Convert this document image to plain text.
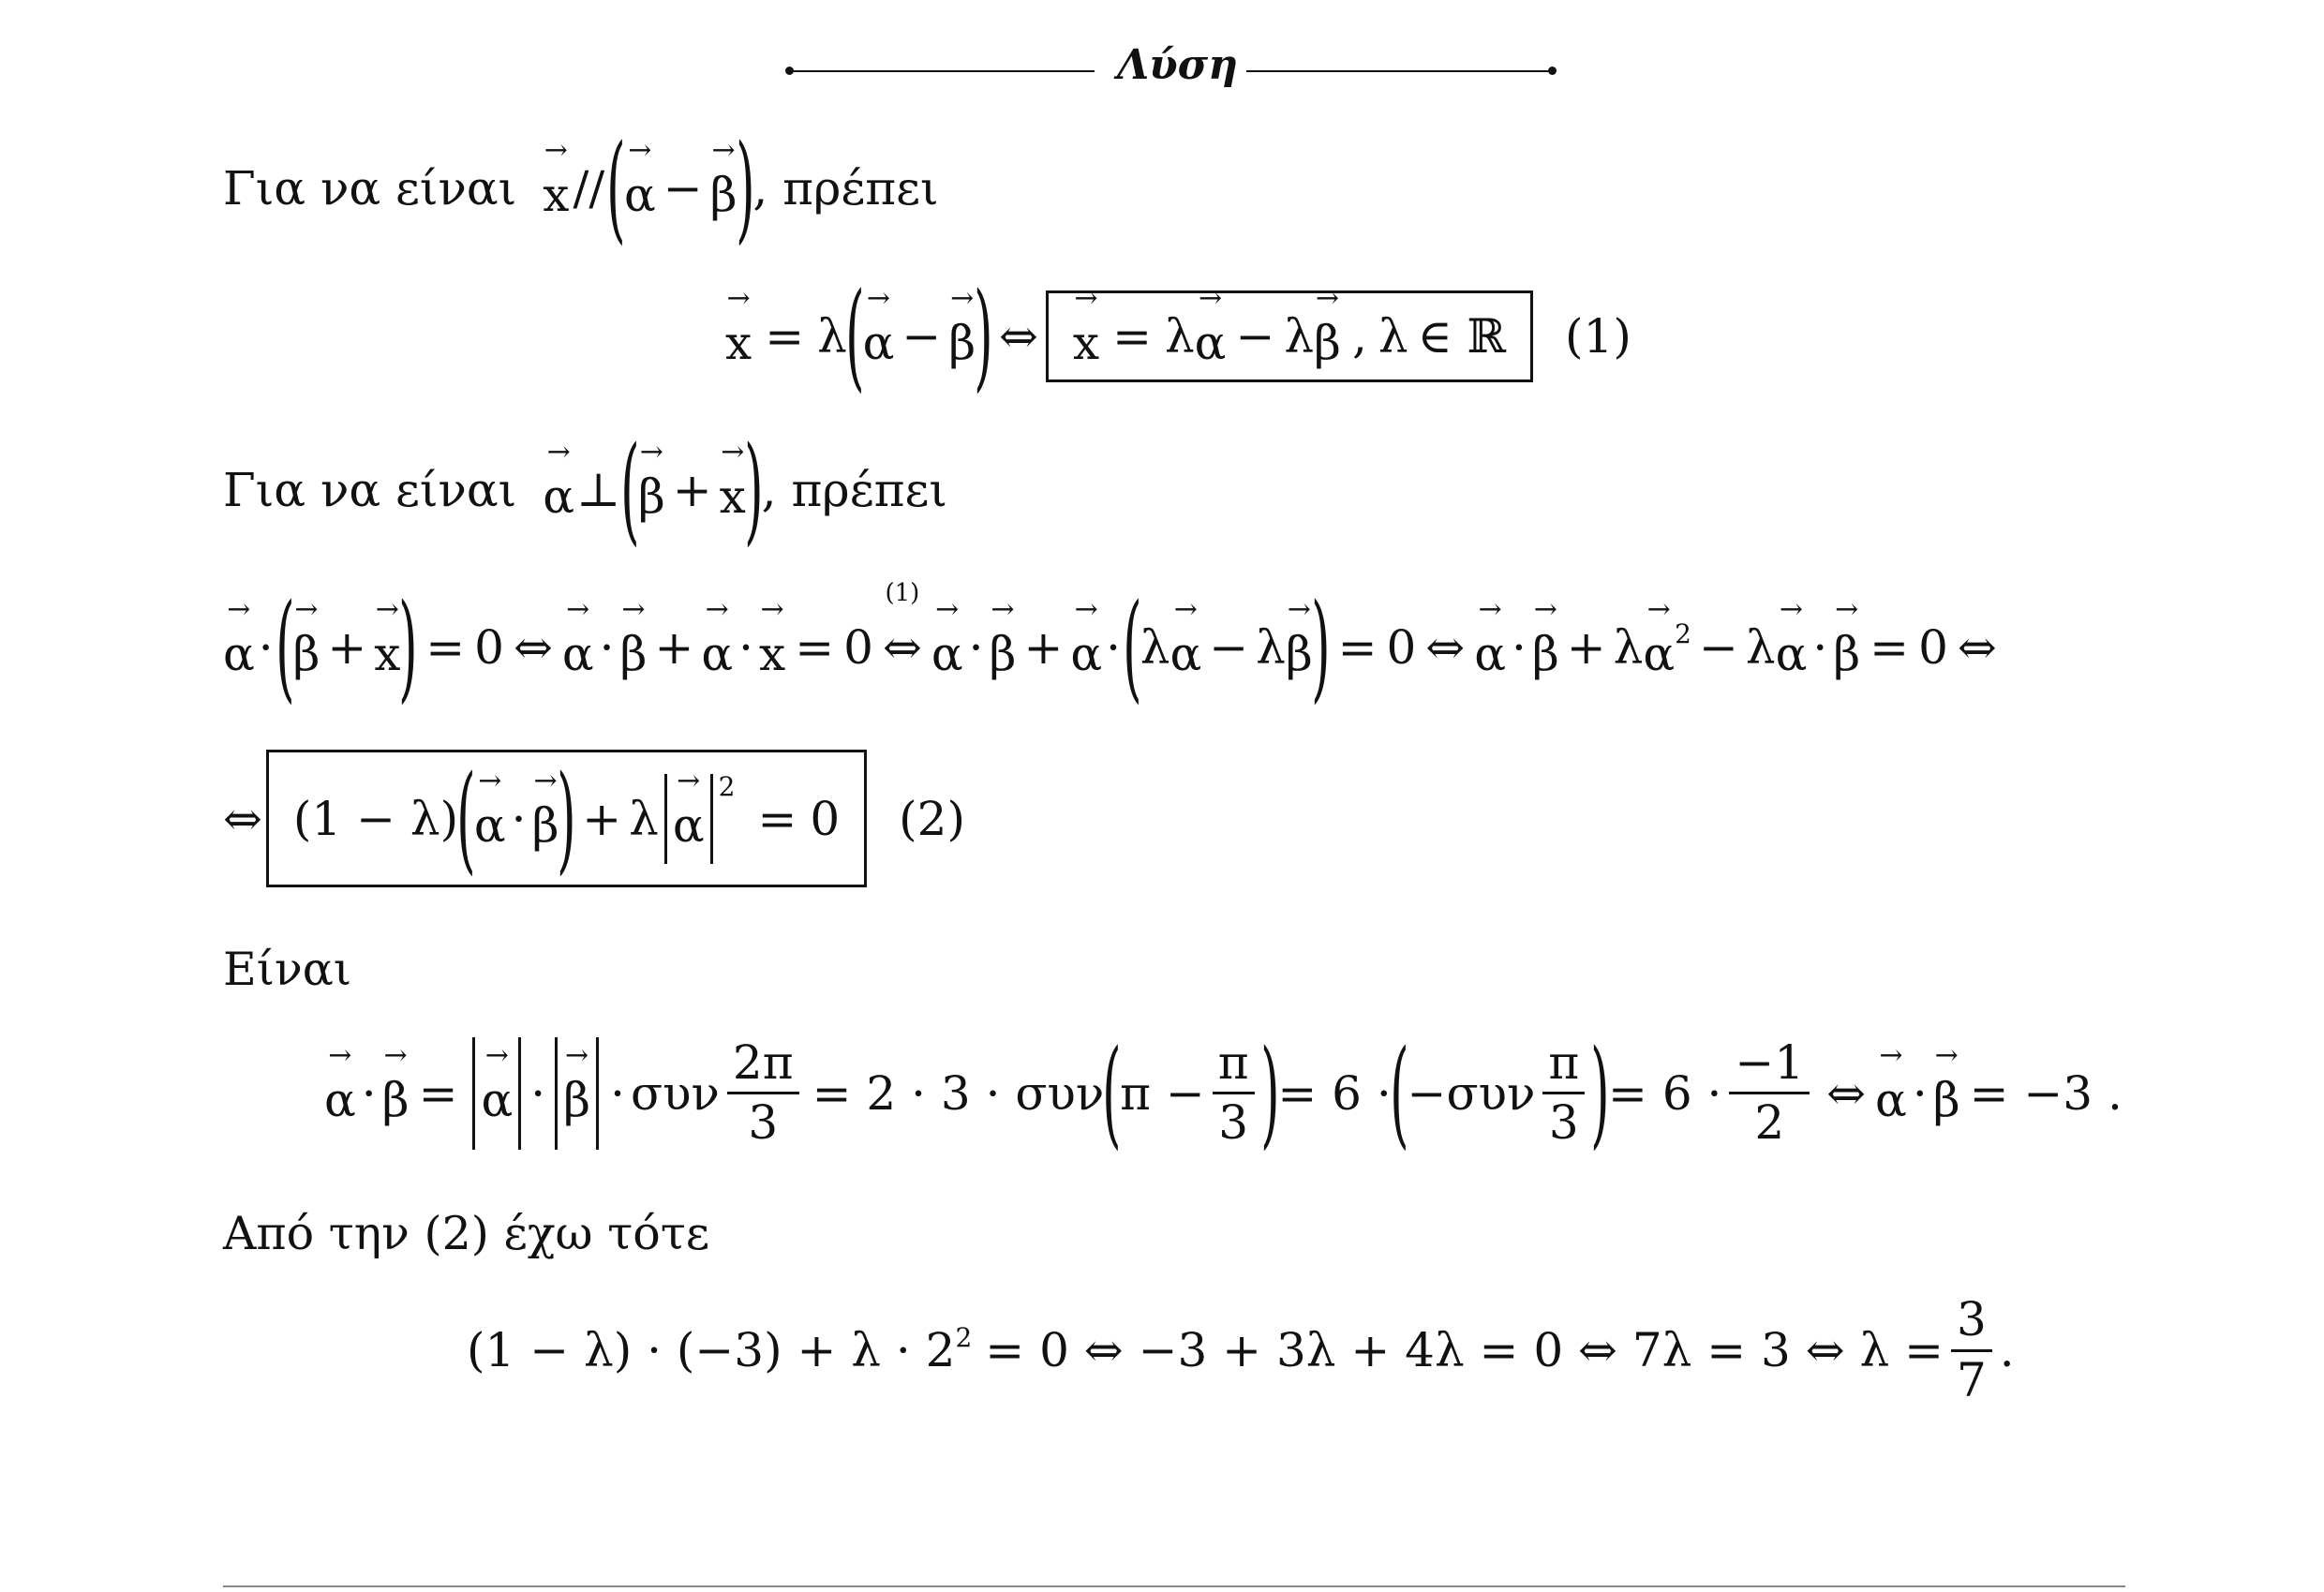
Λύση
Για να είναι → x // (
→ α − → β
)
, πρέπει
→ x = λ
(
→ α − → β
) ⇔ → x = λ → α − λ → β , λ ∈ ℝ (1)
Για να είναι → α ⊥ (
→ β + → x
)
, πρέπει
→ α · (
→ β + → x
) = 0 ⇔ → α · → β + → α · → x = 0
(1)
⇔ → α · → β + → α · (
λ → α − λ → β
) = 0 ⇔ → α · → β + λ → α 2 − λ → α · → β = 0 ⇔
⇔ (1 − λ)
(
→ α · → β
) + λ → α
2
= 0 (2)
Είναι
→ α · → β = ‖ → α ‖ · ‖ → β ‖ · συν $\frac{2\pi}{3} = 2 \cdot 3 \cdot \sigma\upsilon\nu$
(
$\pi - \frac{\pi}{3}$ )
= 6 ·
(
$-\sigma\upsilon\nu \frac{\pi}{3}$ )
= $6 \cdot \frac{-1}{2}$ ⇔ → α · → β = −3 .
Από την (2) έχω τότε
(1 − λ) · (−3) + λ · 2 2 = 0 ⇔ −3 + 3λ + 4λ = 0 ⇔ 7λ = 3 ⇔ $\lambda = \frac{3}{7}$ .
